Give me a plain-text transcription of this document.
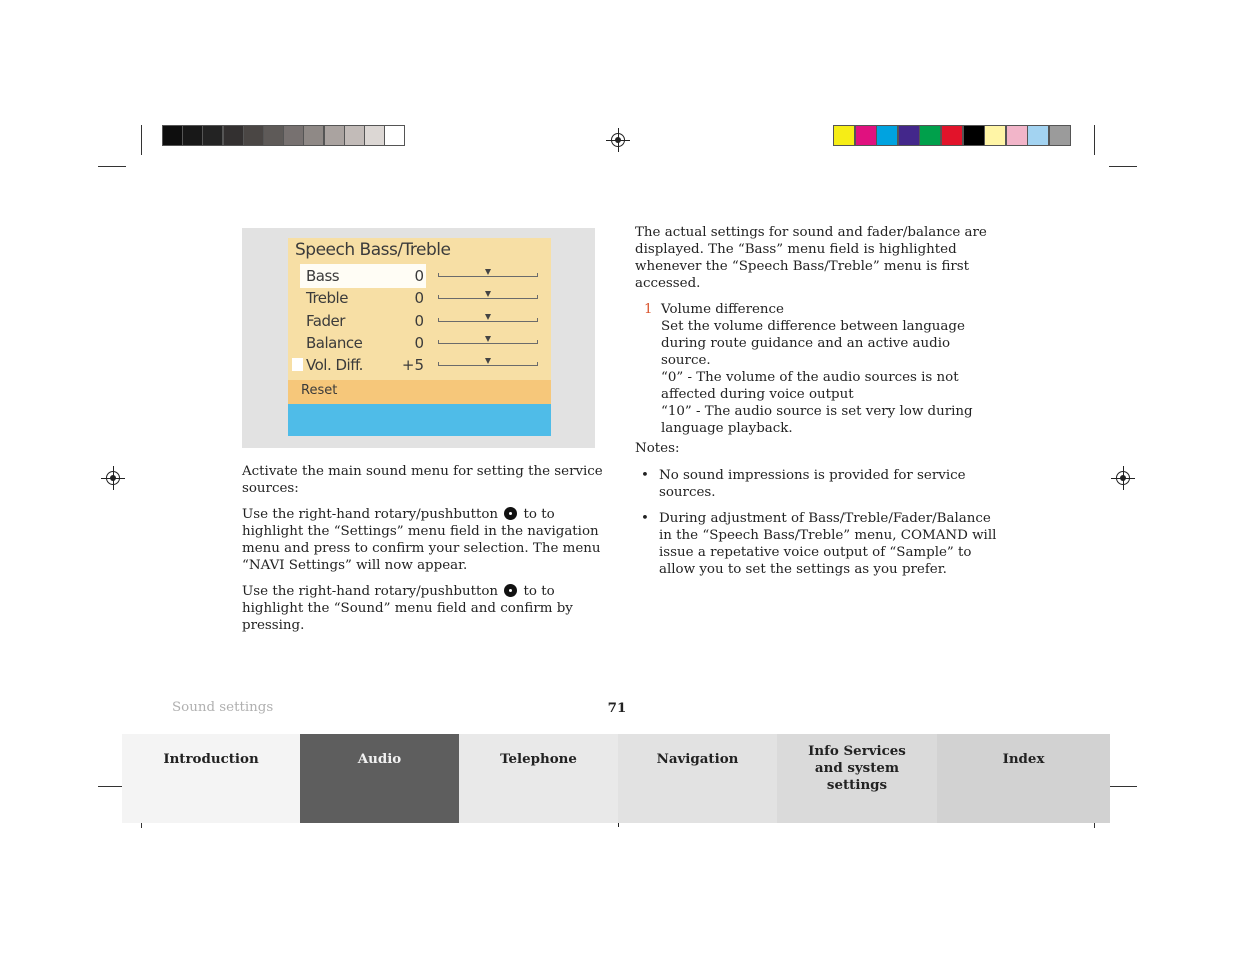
Speech Bass/Treble
Bass	0
Treble	0
Fader	0
Balance	0
Vol. Diff.	+5
Reset

Activate the main sound menu for setting the service sources:

Use the right-hand rotary/pushbutton to to highlight the “Settings” menu field in the navigation menu and press to confirm your selection. The menu “NAVI Settings” will now appear.

Use the right-hand rotary/pushbutton to to highlight the “Sound” menu field and confirm by pressing.

The actual settings for sound and fader/balance are displayed. The “Bass” menu field is highlighted whenever the “Speech Bass/Treble” menu is first accessed.

1 Volume difference

Set the volume difference between language during route guidance and an active audio source.

“0” - The volume of the audio sources is not affected during voice output

“10” - The audio source is set very low during language playback.

Notes:

• No sound impressions is provided for service sources.

• During adjustment of Bass/Treble/Fader/Balance in the “Speech Bass/Treble” menu, COMAND will issue a repetative voice output of “Sample” to allow you to set the settings as you prefer.

Sound settings	71
Introduction	Audio	Telephone	Navigation	Info Services and system settings
Index
